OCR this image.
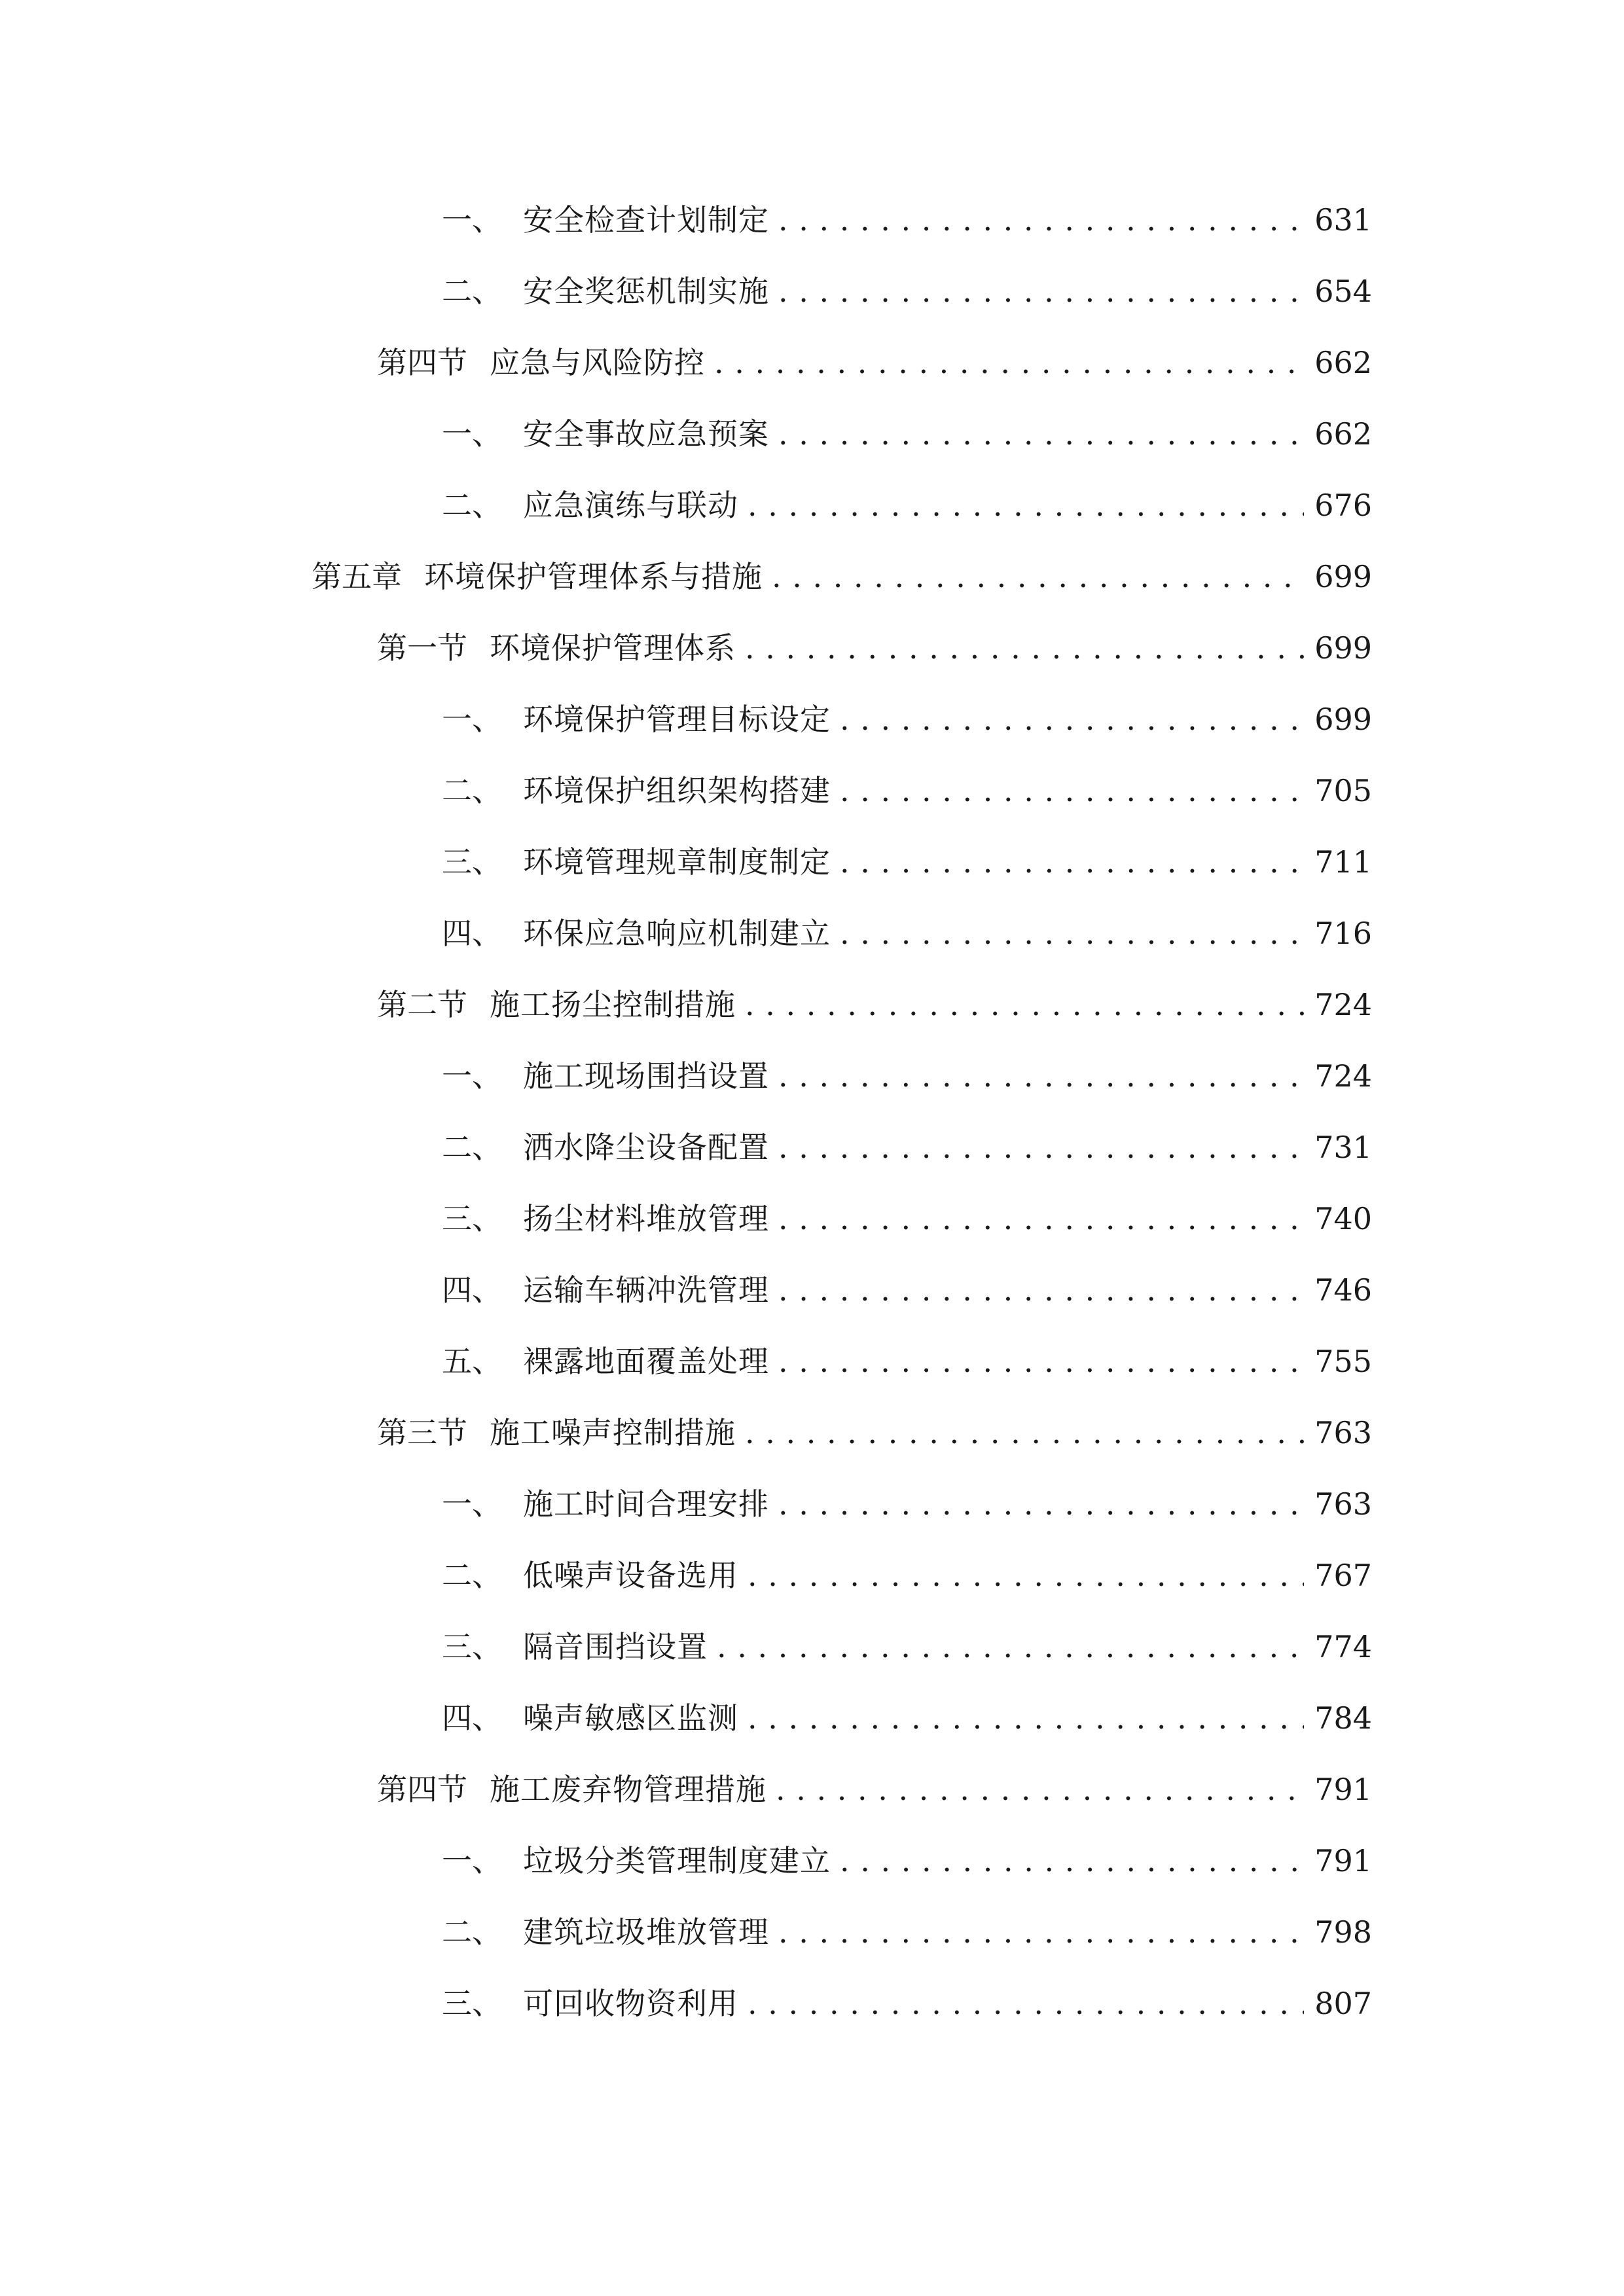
一、 安全检查计划制定 . . .	631
二、 安全奖惩机制实施 . . .	654
第四节 应急与风险防控 . . .	662
一、 安全事故应急预案 . . .	662
二、 应急演练与联动 . . .	676
第五章 环境保护管理体系与措施 . . .	699
第一节 环境保护管理体系 . . .	699
一、 环境保护管理目标设定 . . .	699
二、 环境保护组织架构搭建 . . .	705
三、 环境管理规章制度制定 . . .	711
四、 环保应急响应机制建立 . . .	716
第二节 施工扬尘控制措施 . . .	724
一、 施工现场围挡设置 . . .	724
二、 洒水降尘设备配置 . . .	731
三、 扬尘材料堆放管理 . . .	740
四、 运输车辆冲洗管理 . . .	746
五、 裸露地面覆盖处理 . . .	755
第三节 施工噪声控制措施 . . .	763
一、 施工时间合理安排 . . .	763
二、 低噪声设备选用 . . .	767
三、 隔音围挡设置 . . .	774
四、 噪声敏感区监测 . . .	784
第四节 施工废弃物管理措施 . . .	791
一、 垃圾分类管理制度建立 . . .	791
二、 建筑垃圾堆放管理 . . .	798
三、 可回收物资利用 . . .	807
